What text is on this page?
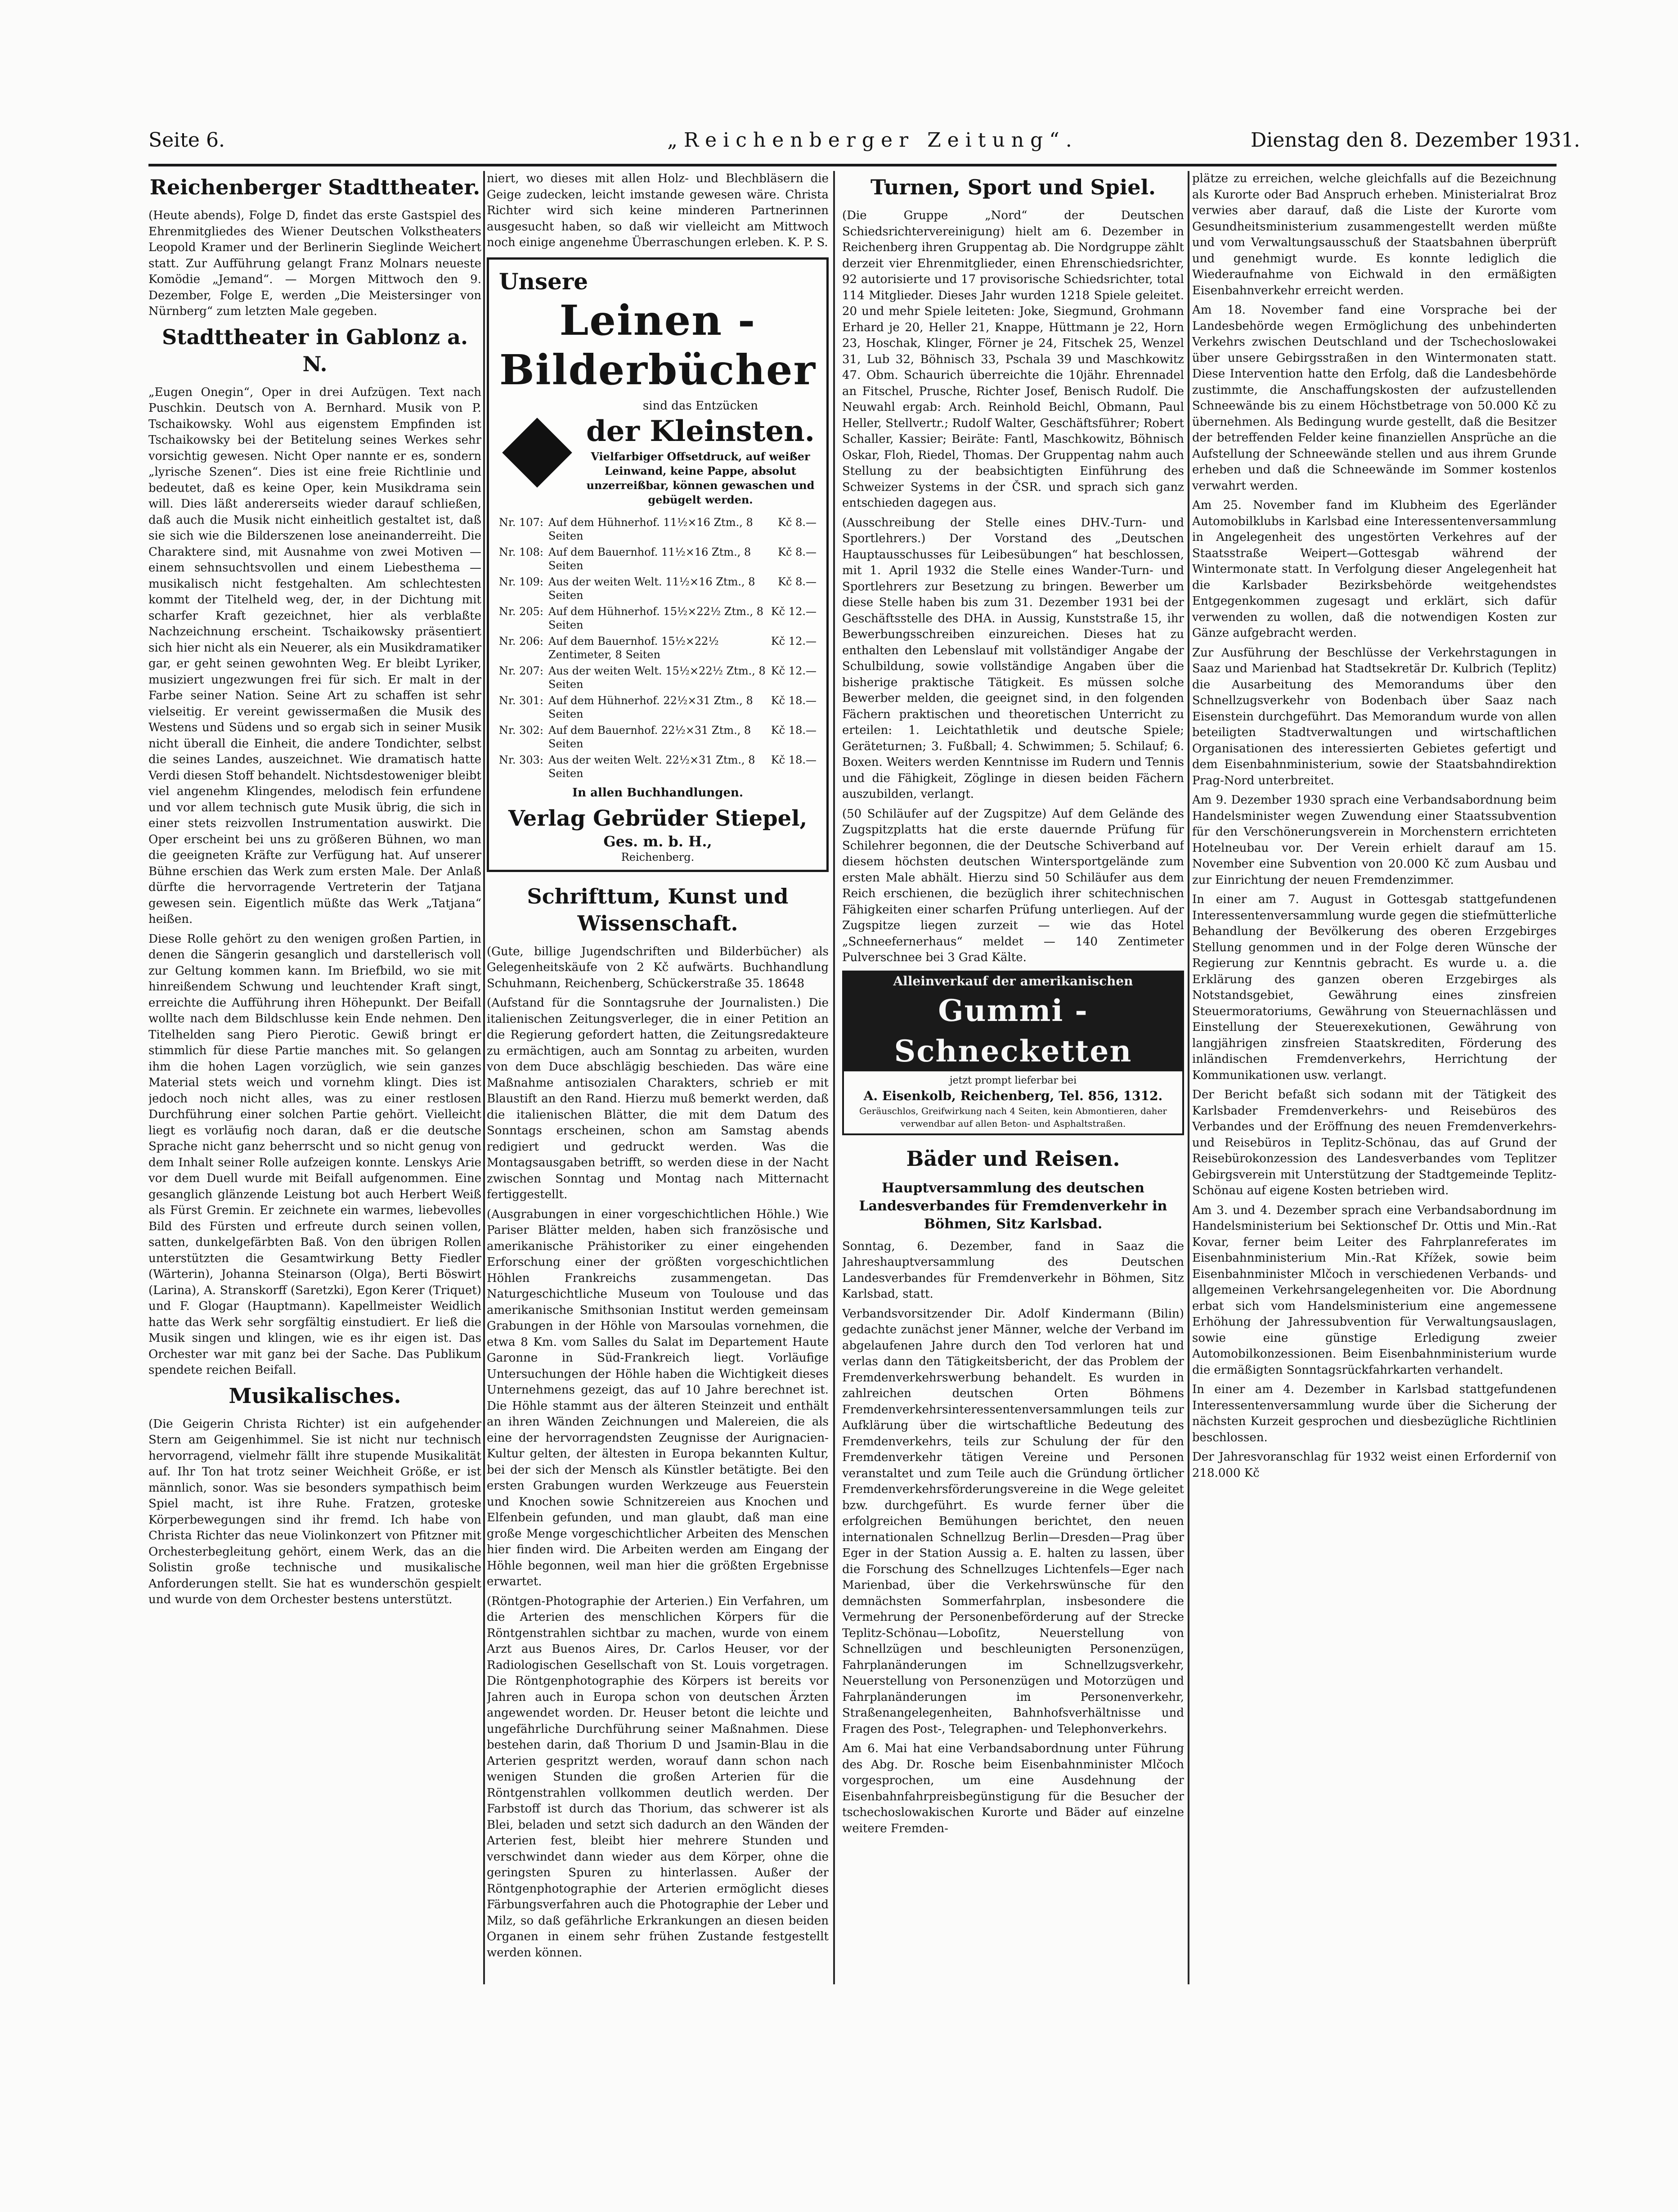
Seite 6.	„Reichenberger Zeitung“.	Dienstag den 8. Dezember 1931.
Reichenberger Stadttheater.

(Heute abends), Folge D, findet das erste Gastspiel des Ehrenmitgliedes des Wiener Deutschen Volkstheaters Leopold Kramer und der Berlinerin Sieglinde Weichert statt. Zur Aufführung gelangt Franz Molnars neueste Komödie „Jemand“. — Morgen Mittwoch den 9. Dezember, Folge E, werden „Die Meistersinger von Nürnberg“ zum letzten Male gegeben.

Stadttheater in Gablonz a. N.

„Eugen Onegin“, Oper in drei Aufzügen. Text nach Puschkin. Deutsch von A. Bernhard. Musik von P. Tschaikowsky. Wohl aus eigenstem Empfinden ist Tschaikowsky bei der Betitelung seines Werkes sehr vorsichtig gewesen. Nicht Oper nannte er es, sondern „lyrische Szenen“. Dies ist eine freie Richtlinie und bedeutet, daß es keine Oper, kein Musikdrama sein will. Dies läßt andererseits wieder darauf schließen, daß auch die Musik nicht einheitlich gestaltet ist, daß sie sich wie die Bilderszenen lose aneinanderreiht. Die Charaktere sind, mit Ausnahme von zwei Motiven — einem sehnsuchtsvollen und einem Liebesthema — musikalisch nicht festgehalten. Am schlechtesten kommt der Titelheld weg, der, in der Dichtung mit scharfer Kraft gezeichnet, hier als verblaßte Nachzeichnung erscheint. Tschaikowsky präsentiert sich hier nicht als ein Neuerer, als ein Musikdramatiker gar, er geht seinen gewohnten Weg. Er bleibt Lyriker, musiziert ungezwungen frei für sich. Er malt in der Farbe seiner Nation. Seine Art zu schaffen ist sehr vielseitig. Er vereint gewissermaßen die Musik des Westens und Südens und so ergab sich in seiner Musik nicht überall die Einheit, die andere Tondichter, selbst die seines Landes, auszeichnet. Wie dramatisch hatte Verdi diesen Stoff behandelt. Nichtsdestoweniger bleibt viel angenehm Klingendes, melodisch fein erfundene und vor allem technisch gute Musik übrig, die sich in einer stets reizvollen Instrumentation auswirkt. Die Oper erscheint bei uns zu größeren Bühnen, wo man die geeigneten Kräfte zur Verfügung hat. Auf unserer Bühne erschien das Werk zum ersten Male. Der Anlaß dürfte die hervorragende Vertreterin der Tatjana gewesen sein. Eigentlich müßte das Werk „Tatjana“ heißen.

Diese Rolle gehört zu den wenigen großen Partien, in denen die Sängerin gesanglich und darstellerisch voll zur Geltung kommen kann. Im Briefbild, wo sie mit hinreißendem Schwung und leuchtender Kraft singt, erreichte die Aufführung ihren Höhepunkt. Der Beifall wollte nach dem Bildschlusse kein Ende nehmen. Den Titelhelden sang Piero Pierotic. Gewiß bringt er stimmlich für diese Partie manches mit. So gelangen ihm die hohen Lagen vorzüglich, wie sein ganzes Material stets weich und vornehm klingt. Dies ist jedoch noch nicht alles, was zu einer restlosen Durchführung einer solchen Partie gehört. Vielleicht liegt es vorläufig noch daran, daß er die deutsche Sprache nicht ganz beherrscht und so nicht genug von dem Inhalt seiner Rolle aufzeigen konnte. Lenskys Arie vor dem Duell wurde mit Beifall aufgenommen. Eine gesanglich glänzende Leistung bot auch Herbert Weiß als Fürst Gremin. Er zeichnete ein warmes, liebevolles Bild des Fürsten und erfreute durch seinen vollen, satten, dunkelgefärbten Baß. Von den übrigen Rollen unterstützten die Gesamtwirkung Betty Fiedler (Wärterin), Johanna Steinarson (Olga), Berti Böswirt (Larina), A. Stranskorff (Saretzki), Egon Kerer (Triquet) und F. Glogar (Hauptmann). Kapellmeister Weidlich hatte das Werk sehr sorgfältig einstudiert. Er ließ die Musik singen und klingen, wie es ihr eigen ist. Das Orchester war mit ganz bei der Sache. Das Publikum spendete reichen Beifall.

Musikalisches.

(Die Geigerin Christa Richter) ist ein aufgehender Stern am Geigenhimmel. Sie ist nicht nur technisch hervorragend, vielmehr fällt ihre stupende Musikalität auf. Ihr Ton hat trotz seiner Weichheit Größe, er ist männlich, sonor. Was sie besonders sympathisch beim Spiel macht, ist ihre Ruhe. Fratzen, groteske Körperbewegungen sind ihr fremd. Ich habe von Christa Richter das neue Violinkonzert von Pfitzner mit Orchesterbegleitung gehört, einem Werk, das an die Solistin große technische und musikalische Anforderungen stellt. Sie hat es wunderschön gespielt und wurde von dem Orchester bestens unterstützt.

niert, wo dieses mit allen Holz- und Blechbläsern die Geige zudecken, leicht imstande gewesen wäre. Christa Richter wird sich keine minderen Partnerinnen ausgesucht haben, so daß wir vielleicht am Mittwoch noch einige angenehme Überraschungen erleben. K. P. S.

Unsere
Leinen - Bilderbücher
sind das Entzücken
der Kleinsten.
Vielfarbiger Offsetdruck, auf weißer Leinwand, keine Pappe, absolut unzerreißbar, können gewaschen und gebügelt werden.
Nr. 107:	Auf dem Hühnerhof. 11½×16 Ztm., 8 Seiten	Kč 8.—
Nr. 108:	Auf dem Bauernhof. 11½×16 Ztm., 8 Seiten	Kč 8.—
Nr. 109:	Aus der weiten Welt. 11½×16 Ztm., 8 Seiten	Kč 8.—
Nr. 205:	Auf dem Hühnerhof. 15½×22½ Ztm., 8 Seiten	Kč 12.—
Nr. 206:	Auf dem Bauernhof. 15½×22½ Zentimeter, 8 Seiten	Kč 12.—
Nr. 207:	Aus der weiten Welt. 15½×22½ Ztm., 8 Seiten	Kč 12.—
Nr. 301:	Auf dem Hühnerhof. 22½×31 Ztm., 8 Seiten	Kč 18.—
Nr. 302:	Auf dem Bauernhof. 22½×31 Ztm., 8 Seiten	Kč 18.—
Nr. 303:	Aus der weiten Welt. 22½×31 Ztm., 8 Seiten	Kč 18.—
In allen Buchhandlungen.
Verlag Gebrüder Stiepel,
Ges. m. b. H.,
Reichenberg.
Schrifttum, Kunst und Wissenschaft.

(Gute, billige Jugendschriften und Bilderbücher) als Gelegenheitskäufe von 2 Kč aufwärts. Buchhandlung Schuhmann, Reichenberg, Schückerstraße 35. 18648

(Aufstand für die Sonntagsruhe der Journalisten.) Die italienischen Zeitungsverleger, die in einer Petition an die Regierung gefordert hatten, die Zeitungsredakteure zu ermächtigen, auch am Sonntag zu arbeiten, wurden von dem Duce abschlägig beschieden. Das wäre eine Maßnahme antisozialen Charakters, schrieb er mit Blaustift an den Rand. Hierzu muß bemerkt werden, daß die italienischen Blätter, die mit dem Datum des Sonntags erscheinen, schon am Samstag abends redigiert und gedruckt werden. Was die Montagsausgaben betrifft, so werden diese in der Nacht zwischen Sonntag und Montag nach Mitternacht fertiggestellt.

(Ausgrabungen in einer vorgeschichtlichen Höhle.) Wie Pariser Blätter melden, haben sich französische und amerikanische Prähistoriker zu einer eingehenden Erforschung einer der größten vorgeschichtlichen Höhlen Frankreichs zusammengetan. Das Naturgeschichtliche Museum von Toulouse und das amerikanische Smithsonian Institut werden gemeinsam Grabungen in der Höhle von Marsoulas vornehmen, die etwa 8 Km. vom Salles du Salat im Departement Haute Garonne in Süd-Frankreich liegt. Vorläufige Untersuchungen der Höhle haben die Wichtigkeit dieses Unternehmens gezeigt, das auf 10 Jahre berechnet ist. Die Höhle stammt aus der älteren Steinzeit und enthält an ihren Wänden Zeichnungen und Malereien, die als eine der hervorragendsten Zeugnisse der Aurignacien-Kultur gelten, der ältesten in Europa bekannten Kultur, bei der sich der Mensch als Künstler betätigte. Bei den ersten Grabungen wurden Werkzeuge aus Feuerstein und Knochen sowie Schnitzereien aus Knochen und Elfenbein gefunden, und man glaubt, daß man eine große Menge vorgeschichtlicher Arbeiten des Menschen hier finden wird. Die Arbeiten werden am Eingang der Höhle begonnen, weil man hier die größten Ergebnisse erwartet.

(Röntgen-Photographie der Arterien.) Ein Verfahren, um die Arterien des menschlichen Körpers für die Röntgenstrahlen sichtbar zu machen, wurde von einem Arzt aus Buenos Aires, Dr. Carlos Heuser, vor der Radiologischen Gesellschaft von St. Louis vorgetragen. Die Röntgenphotographie des Körpers ist bereits vor Jahren auch in Europa schon von deutschen Ärzten angewendet worden. Dr. Heuser betont die leichte und ungefährliche Durchführung seiner Maßnahmen. Diese bestehen darin, daß Thorium D und Jsamin-Blau in die Arterien gespritzt werden, worauf dann schon nach wenigen Stunden die großen Arterien für die Röntgenstrahlen vollkommen deutlich werden. Der Farbstoff ist durch das Thorium, das schwerer ist als Blei, beladen und setzt sich dadurch an den Wänden der Arterien fest, bleibt hier mehrere Stunden und verschwindet dann wieder aus dem Körper, ohne die geringsten Spuren zu hinterlassen. Außer der Röntgenphotographie der Arterien ermöglicht dieses Färbungsverfahren auch die Photographie der Leber und Milz, so daß gefährliche Erkrankungen an diesen beiden Organen in einem sehr frühen Zustande festgestellt werden können.

Turnen, Sport und Spiel.

(Die Gruppe „Nord“ der Deutschen Schiedsrichtervereinigung) hielt am 6. Dezember in Reichenberg ihren Gruppentag ab. Die Nordgruppe zählt derzeit vier Ehrenmitglieder, einen Ehrenschiedsrichter, 92 autorisierte und 17 provisorische Schiedsrichter, total 114 Mitglieder. Dieses Jahr wurden 1218 Spiele geleitet. 20 und mehr Spiele leiteten: Joke, Siegmund, Grohmann Erhard je 20, Heller 21, Knappe, Hüttmann je 22, Horn 23, Hoschak, Klinger, Förner je 24, Fitschek 25, Wenzel 31, Lub 32, Böhnisch 33, Pschala 39 und Maschkowitz 47. Obm. Schaurich überreichte die 10jähr. Ehrennadel an Fitschel, Prusche, Richter Josef, Benisch Rudolf. Die Neuwahl ergab: Arch. Reinhold Beichl, Obmann, Paul Heller, Stellvertr.; Rudolf Walter, Geschäftsführer; Robert Schaller, Kassier; Beiräte: Fantl, Maschkowitz, Böhnisch Oskar, Floh, Riedel, Thomas. Der Gruppentag nahm auch Stellung zu der beabsichtigten Einführung des Schweizer Systems in der ČSR. und sprach sich ganz entschieden dagegen aus.

(Ausschreibung der Stelle eines DHV.-Turn- und Sportlehrers.) Der Vorstand des „Deutschen Hauptausschusses für Leibesübungen“ hat beschlossen, mit 1. April 1932 die Stelle eines Wander-Turn- und Sportlehrers zur Besetzung zu bringen. Bewerber um diese Stelle haben bis zum 31. Dezember 1931 bei der Geschäftsstelle des DHA. in Aussig, Kunststraße 15, ihr Bewerbungsschreiben einzureichen. Dieses hat zu enthalten den Lebenslauf mit vollständiger Angabe der Schulbildung, sowie vollständige Angaben über die bisherige praktische Tätigkeit. Es müssen solche Bewerber melden, die geeignet sind, in den folgenden Fächern praktischen und theoretischen Unterricht zu erteilen: 1. Leichtathletik und deutsche Spiele; Geräteturnen; 3. Fußball; 4. Schwimmen; 5. Schilauf; 6. Boxen. Weiters werden Kenntnisse im Rudern und Tennis und die Fähigkeit, Zöglinge in diesen beiden Fächern auszubilden, verlangt.

(50 Schiläufer auf der Zugspitze) Auf dem Gelände des Zugspitzplatts hat die erste dauernde Prüfung für Schilehrer begonnen, die der Deutsche Schiverband auf diesem höchsten deutschen Wintersportgelände zum ersten Male abhält. Hierzu sind 50 Schiläufer aus dem Reich erschienen, die bezüglich ihrer schitechnischen Fähigkeiten einer scharfen Prüfung unterliegen. Auf der Zugspitze liegen zurzeit — wie das Hotel „Schneefernerhaus“ meldet — 140 Zentimeter Pulverschnee bei 3 Grad Kälte.

Alleinverkauf der amerikanischen
Gummi - Schnecketten
jetzt prompt lieferbar bei
A. Eisenkolb, Reichenberg, Tel. 856, 1312.
Geräuschlos, Greifwirkung nach 4 Seiten, kein Abmontieren, daher verwendbar auf allen Beton- und Asphaltstraßen.
Bäder und Reisen.
Hauptversammlung des deutschen Landesverbandes für Fremdenverkehr in Böhmen, Sitz Karlsbad.

Sonntag, 6. Dezember, fand in Saaz die Jahreshauptversammlung des Deutschen Landesverbandes für Fremdenverkehr in Böhmen, Sitz Karlsbad, statt.

Verbandsvorsitzender Dir. Adolf Kindermann (Bilin) gedachte zunächst jener Männer, welche der Verband im abgelaufenen Jahre durch den Tod verloren hat und verlas dann den Tätigkeitsbericht, der das Problem der Fremdenverkehrswerbung behandelt. Es wurden in zahlreichen deutschen Orten Böhmens Fremdenverkehrsinteressentenversammlungen teils zur Aufklärung über die wirtschaftliche Bedeutung des Fremdenverkehrs, teils zur Schulung der für den Fremdenverkehr tätigen Vereine und Personen veranstaltet und zum Teile auch die Gründung örtlicher Fremdenverkehrsförderungsvereine in die Wege geleitet bzw. durchgeführt. Es wurde ferner über die erfolgreichen Bemühungen berichtet, den neuen internationalen Schnellzug Berlin—Dresden—Prag über Eger in der Station Aussig a. E. halten zu lassen, über die Forschung des Schnellzuges Lichtenfels—Eger nach Marienbad, über die Verkehrswünsche für den demnächsten Sommerfahrplan, insbesondere die Vermehrung der Personenbeförderung auf der Strecke Teplitz-Schönau—Loboſitz, Neuerstellung von Schnellzügen und beschleunigten Personenzügen, Fahrplanänderungen im Schnellzugsverkehr, Neuerstellung von Personenzügen und Motorzügen und Fahrplanänderungen im Personenverkehr, Straßenangelegenheiten, Bahnhofsverhältnisse und Fragen des Post-, Telegraphen- und Telephonverkehrs.

Am 6. Mai hat eine Verbandsabordnung unter Führung des Abg. Dr. Rosche beim Eisenbahnminister Mlčoch vorgesprochen, um eine Ausdehnung der Eisenbahnfahrpreisbegünstigung für die Besucher der tschechoslowakischen Kurorte und Bäder auf einzelne weitere Fremden-

plätze zu erreichen, welche gleichfalls auf die Bezeichnung als Kurorte oder Bad Anspruch erheben. Ministerialrat Broz verwies aber darauf, daß die Liste der Kurorte vom Gesundheitsministerium zusammengestellt werden müßte und vom Verwaltungsausschuß der Staatsbahnen überprüft und genehmigt wurde. Es konnte lediglich die Wiederaufnahme von Eichwald in den ermäßigten Eisenbahnverkehr erreicht werden.

Am 18. November fand eine Vorsprache bei der Landesbehörde wegen Ermöglichung des unbehinderten Verkehrs zwischen Deutschland und der Tschechoslowakei über unsere Gebirgsstraßen in den Wintermonaten statt. Diese Intervention hatte den Erfolg, daß die Landesbehörde zustimmte, die Anschaffungskosten der aufzustellenden Schneewände bis zu einem Höchstbetrage von 50.000 Kč zu übernehmen. Als Bedingung wurde gestellt, daß die Besitzer der betreffenden Felder keine finanziellen Ansprüche an die Aufstellung der Schneewände stellen und aus ihrem Grunde erheben und daß die Schneewände im Sommer kostenlos verwahrt werden.

Am 25. November fand im Klubheim des Egerländer Automobilklubs in Karlsbad eine Interessentenversammlung in Angelegenheit des ungestörten Verkehres auf der Staatsstraße Weipert—Gottesgab während der Wintermonate statt. In Verfolgung dieser Angelegenheit hat die Karlsbader Bezirksbehörde weitgehendstes Entgegenkommen zugesagt und erklärt, sich dafür verwenden zu wollen, daß die notwendigen Kosten zur Gänze aufgebracht werden.

Zur Ausführung der Beschlüsse der Verkehrstagungen in Saaz und Marienbad hat Stadtsekretär Dr. Kulbrich (Teplitz) die Ausarbeitung des Memorandums über den Schnellzugsverkehr von Bodenbach über Saaz nach Eisenstein durchgeführt. Das Memorandum wurde von allen beteiligten Stadtverwaltungen und wirtschaftlichen Organisationen des interessierten Gebietes gefertigt und dem Eisenbahnministerium, sowie der Staatsbahndirektion Prag-Nord unterbreitet.

Am 9. Dezember 1930 sprach eine Verbandsabordnung beim Handelsminister wegen Zuwendung einer Staatssubvention für den Verschönerungsverein in Morchenstern errichteten Hotelneubau vor. Der Verein erhielt darauf am 15. November eine Subvention von 20.000 Kč zum Ausbau und zur Einrichtung der neuen Fremdenzimmer.

In einer am 7. August in Gottesgab stattgefundenen Interessentenversammlung wurde gegen die stiefmütterliche Behandlung der Bevölkerung des oberen Erzgebirges Stellung genommen und in der Folge deren Wünsche der Regierung zur Kenntnis gebracht. Es wurde u. a. die Erklärung des ganzen oberen Erzgebirges als Notstandsgebiet, Gewährung eines zinsfreien Steuermoratoriums, Gewährung von Steuernachlässen und Einstellung der Steuerexekutionen, Gewährung von langjährigen zinsfreien Staatskrediten, Förderung des inländischen Fremdenverkehrs, Herrichtung der Kommunikationen usw. verlangt.

Der Bericht befaßt sich sodann mit der Tätigkeit des Karlsbader Fremdenverkehrs- und Reisebüros des Verbandes und der Eröffnung des neuen Fremdenverkehrs- und Reisebüros in Teplitz-Schönau, das auf Grund der Reisebürokonzession des Landesverbandes vom Teplitzer Gebirgsverein mit Unterstützung der Stadtgemeinde Teplitz-Schönau auf eigene Kosten betrieben wird.

Am 3. und 4. Dezember sprach eine Verbandsabordnung im Handelsministerium bei Sektionschef Dr. Ottis und Min.-Rat Kovar, ferner beim Leiter des Fahrplanreferates im Eisenbahnministerium Min.-Rat Křížek, sowie beim Eisenbahnminister Mlčoch in verschiedenen Verbands- und allgemeinen Verkehrsangelegenheiten vor. Die Abordnung erbat sich vom Handelsministerium eine angemessene Erhöhung der Jahressubvention für Verwaltungsauslagen, sowie eine günstige Erledigung zweier Automobilkonzessionen. Beim Eisenbahnministerium wurde die ermäßigten Sonntagsrückfahrkarten verhandelt.

In einer am 4. Dezember in Karlsbad stattgefundenen Interessentenversammlung wurde über die Sicherung der nächsten Kurzeit gesprochen und diesbezügliche Richtlinien beschlossen.

Der Jahresvoranschlag für 1932 weist einen Erforderniſ von 218.000 Kč
